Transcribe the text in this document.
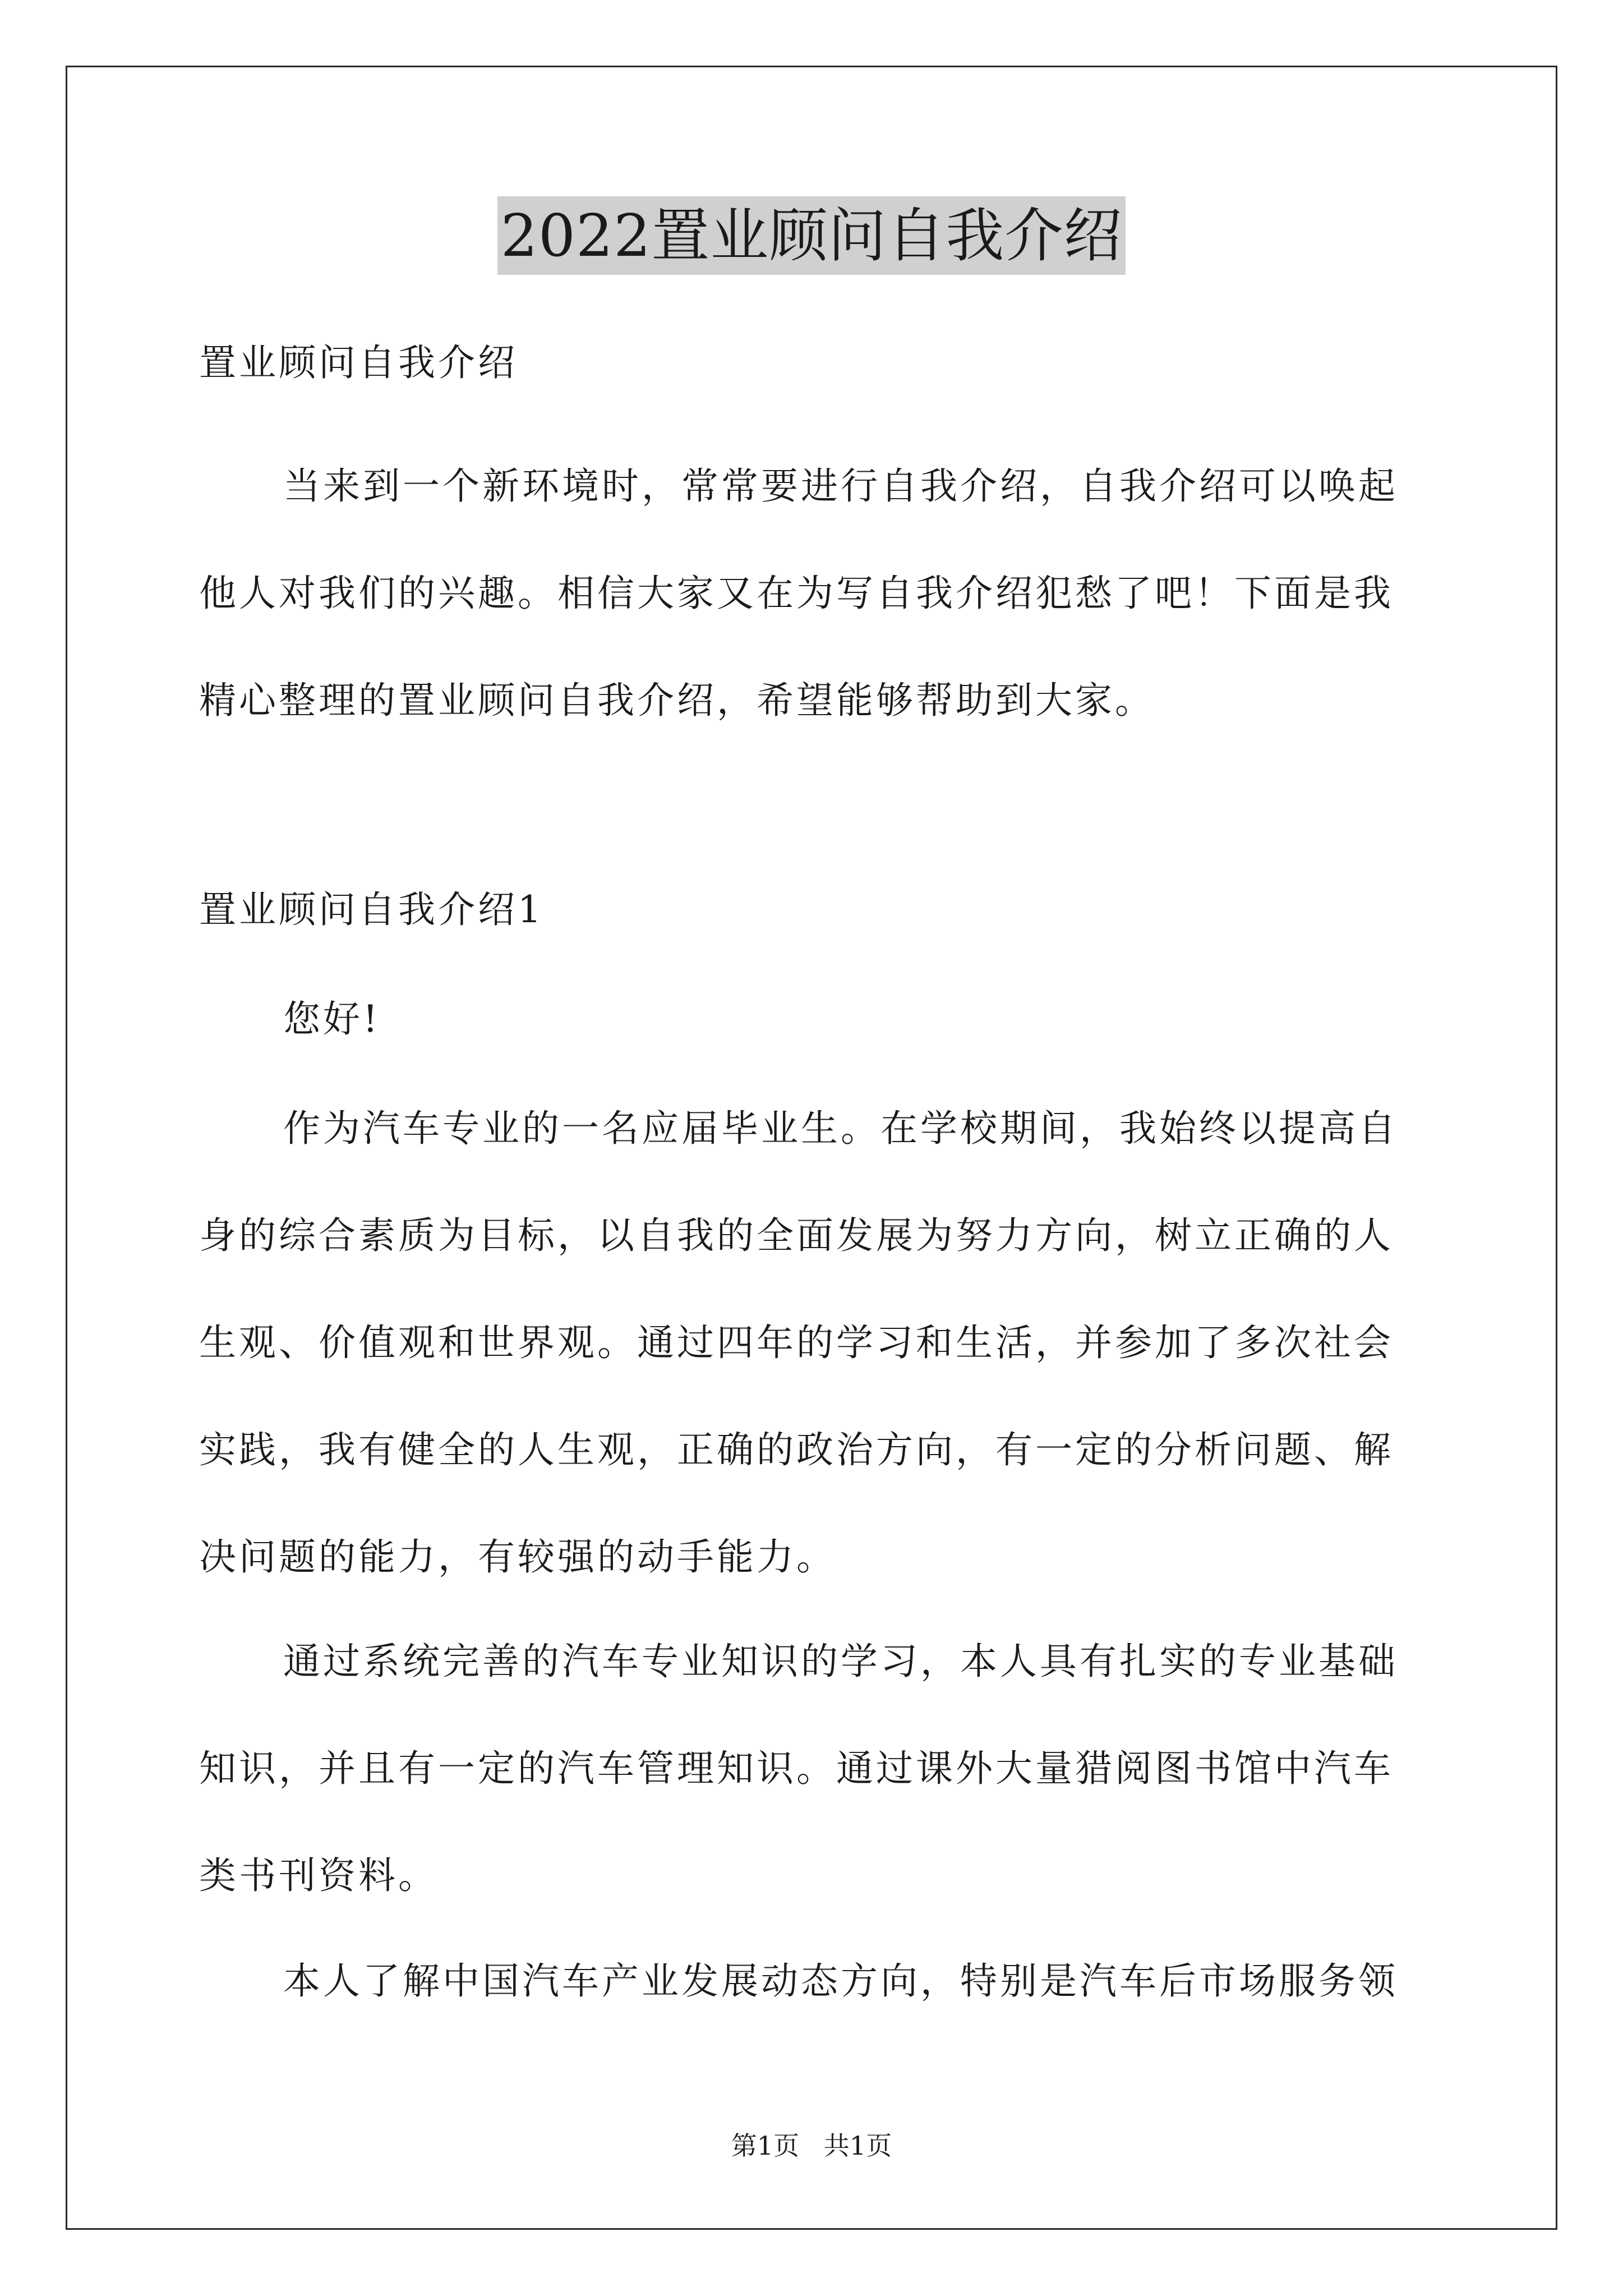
2022置业顾问自我介绍
置业顾问自我介绍
当来到一个新环境时，常常要进行自我介绍，自我介绍可以唤起
他人对我们的兴趣。相信大家又在为写自我介绍犯愁了吧！下面是我
精心整理的置业顾问自我介绍，希望能够帮助到大家。
置业顾问自我介绍1
您好!
作为汽车专业的一名应届毕业生。在学校期间，我始终以提高自
身的综合素质为目标，以自我的全面发展为努力方向，树立正确的人
生观、价值观和世界观。通过四年的学习和生活，并参加了多次社会
实践，我有健全的人生观，正确的政治方向，有一定的分析问题、解
决问题的能力，有较强的动手能力。
通过系统完善的汽车专业知识的学习，本人具有扎实的专业基础
知识，并且有一定的汽车管理知识。通过课外大量猎阅图书馆中汽车
类书刊资料。
本人了解中国汽车产业发展动态方向，特别是汽车后市场服务领
第1页   共1页
